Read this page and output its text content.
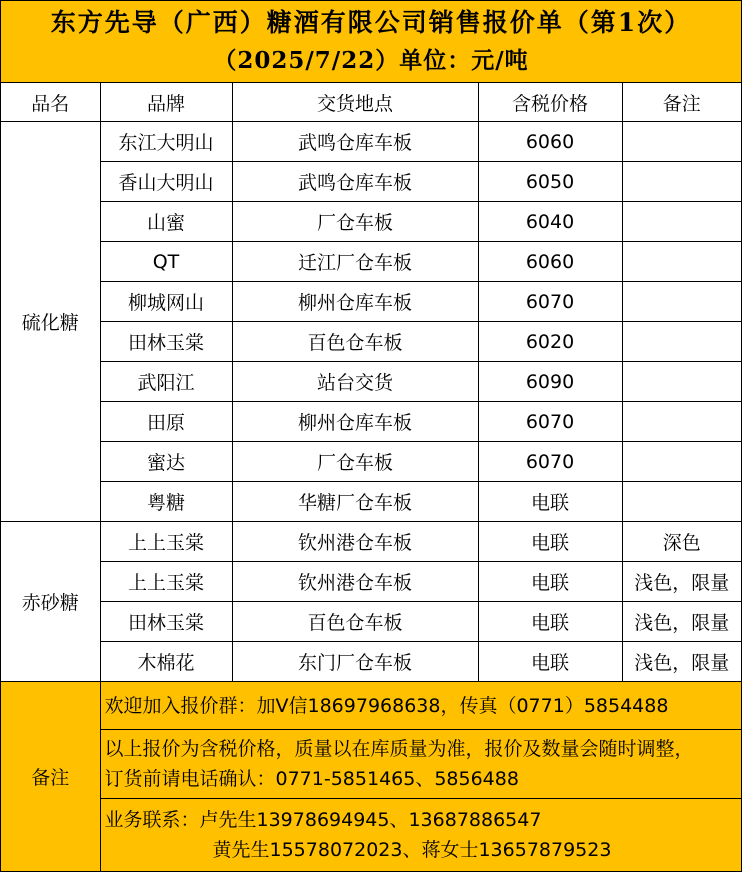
东方先导（广西）糖酒有限公司销售报价单（第1次）
（2025/7/22）单位：元/吨
品名	品牌	交货地点	含税价格	备注
硫化糖	东江大明山	武鸣仓库车板	6060	
	香山大明山	武鸣仓库车板	6050	
	山蜜	厂仓车板	6040	
	QT	迁江厂仓车板	6060	
	柳城网山	柳州仓库车板	6070	
	田林玉棠	百色仓车板	6020	
	武阳江	站台交货	6090	
	田原	柳州仓库车板	6070	
	蜜达	厂仓车板	6070	
	粤糖	华糖厂仓车板	电联	
赤砂糖	上上玉棠	钦州港仓车板	电联	深色
	上上玉棠	钦州港仓车板	电联	浅色，限量
	田林玉棠	百色仓车板	电联	浅色，限量
	木棉花	东门厂仓车板	电联	浅色，限量
备注	欢迎加入报价群：加V信18697968638，传真（0771）5854488			

	以上报价为含税价格，质量以在库质量为准，报价及数量会随时调整，
订货前请电话确认：0771-5851465、5856488			

	业务联系：卢先生13978694945、13687886547
黄先生15578072023、蒋女士13657879523			
